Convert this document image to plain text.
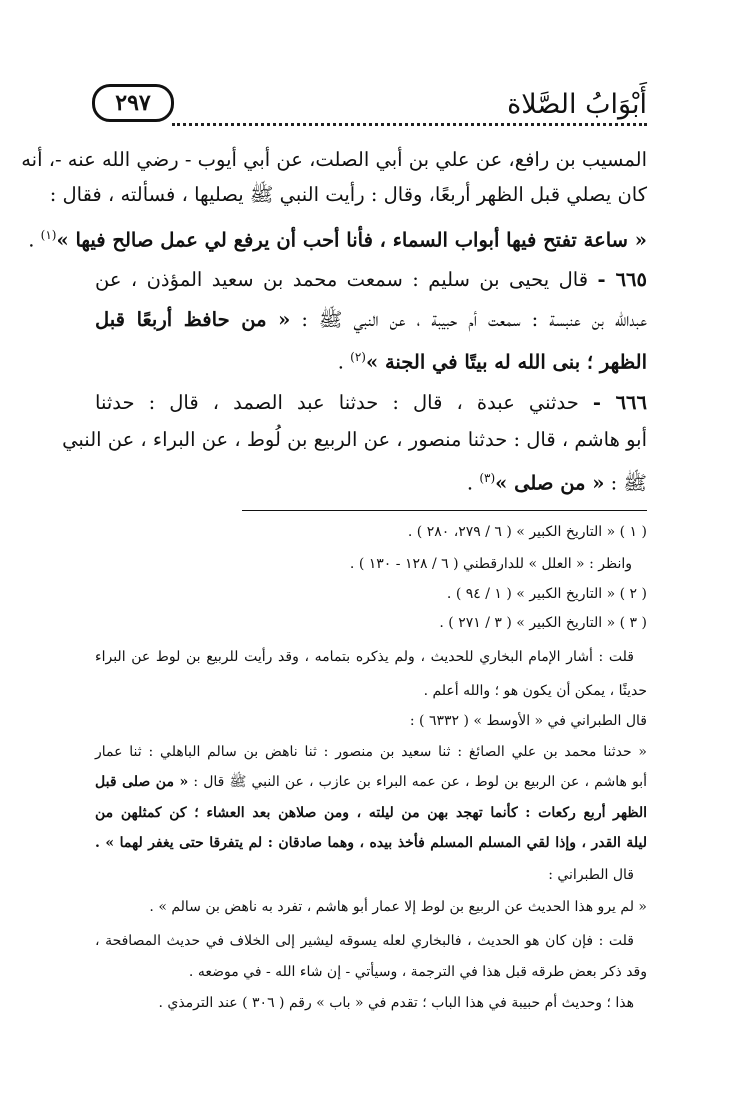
أَبْوَابُ الصَّلاة
٢٩٧
المسيب بن رافع، عن علي بن أبي الصلت، عن أبي أيوب - رضي الله عنه -، أنه
كان يصلي قبل الظهر أربعًا، وقال : رأيت النبي ﷺ يصليها ، فسألته ، فقال :
« ساعة تفتح فيها أبواب السماء ، فأنا أحب أن يرفع لي عمل صالح فيها »$^{(١)}$ .
٦٦٥ - قال يحيى بن سليم : سمعت محمد بن سعيد المؤذن ، عن
عبدالله بن عنبسة : سمعت أم حبيبة ، عن النبي ﷺ : « من حافظ أربعًا قبل
الظهر ؛ بنى الله له بيتًا في الجنة »$^{(٢)}$ .
٦٦٦ - حدثني عبدة ، قال : حدثنا عبد الصمد ، قال : حدثنا
أبو هاشم ، قال : حدثنا منصور ، عن الربيع بن لُوط ، عن البراء ، عن النبي
ﷺ : « من صلى »$^{(٣)}$ .
( ١ ) « التاريخ الكبير » ( ٦ / ٢٧٩، ٢٨٠ ) .
وانظر : « العلل » للدارقطني ( ٦ / ١٢٨ - ١٣٠ ) .
( ٢ ) « التاريخ الكبير » ( ١ / ٩٤ ) .
( ٣ ) « التاريخ الكبير » ( ٣ / ٢٧١ ) .
قلت : أشار الإمام البخاري للحديث ، ولم يذكره بتمامه ، وقد رأيت للربيع بن لوط عن البراء
حديثًا ، يمكن أن يكون هو ؛ والله أعلم .
قال الطبراني في « الأوسط » ( ٦٣٣٢ ) :
« حدثنا محمد بن علي الصائغ : ثنا سعيد بن منصور : ثنا ناهض بن سالم الباهلي : ثنا عمار
أبو هاشم ، عن الربيع بن لوط ، عن عمه البراء بن عازب ، عن النبي ﷺ قال : « من صلى قبل
الظهر أربع ركعات : كأنما تهجد بهن من ليلته ، ومن صلاهن بعد العشاء ؛ كن كمثلهن من
ليلة القدر ، وإذا لقي المسلم المسلم فأخذ بيده ، وهما صادقان : لم يتفرقا حتى يغفر لهما » .
قال الطبراني :
« لم يرو هذا الحديث عن الربيع بن لوط إلا عمار أبو هاشم ، تفرد به ناهض بن سالم » .
قلت : فإن كان هو الحديث ، فالبخاري لعله يسوقه ليشير إلى الخلاف في حديث المصافحة ،
وقد ذكر بعض طرقه قبل هذا في الترجمة ، وسيأتي - إن شاء الله - في موضعه .
هذا ؛ وحديث أم حبيبة في هذا الباب ؛ تقدم في « باب » رقم ( ٣٠٦ ) عند الترمذي .
